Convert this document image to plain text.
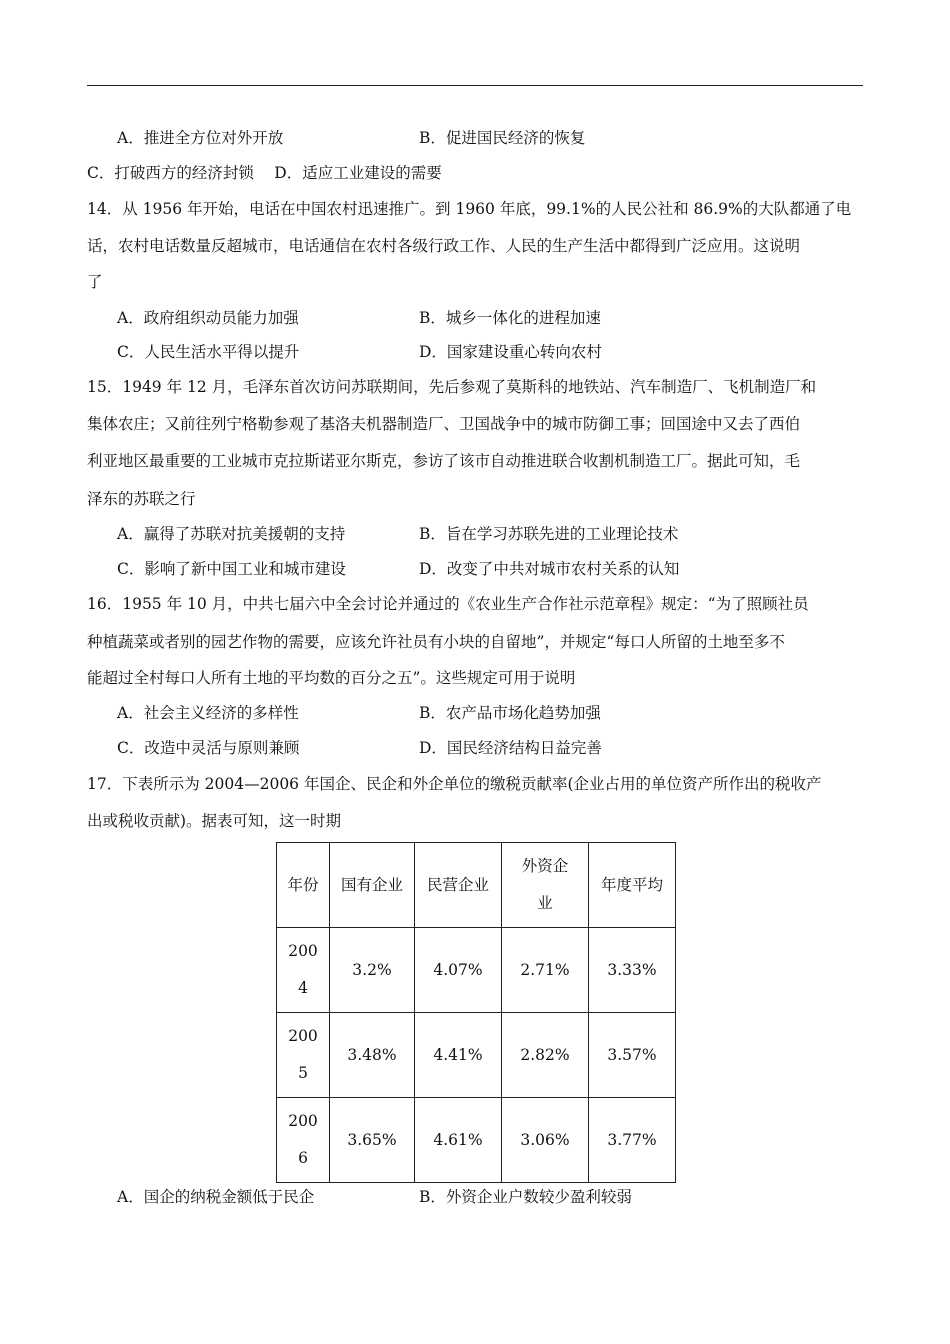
A．推进全方位对外开放	B．促进国民经济的恢复
C．打破西方的经济封锁　 D．适应工业建设的需要
14．从 1956 年开始，电话在中国农村迅速推广。到 1960 年底，99.1%的人民公社和 86.9%的大队都通了电
话，农村电话数量反超城市，电话通信在农村各级行政工作、人民的生产生活中都得到广泛应用。这说明
了
A．政府组织动员能力加强	B．城乡一体化的进程加速
C．人民生活水平得以提升	D．国家建设重心转向农村
15．1949 年 12 月，毛泽东首次访问苏联期间，先后参观了莫斯科的地铁站、汽车制造厂、飞机制造厂和
集体农庄；又前往列宁格勒参观了基洛夫机器制造厂、卫国战争中的城市防御工事；回国途中又去了西伯
利亚地区最重要的工业城市克拉斯诺亚尔斯克，参访了该市自动推进联合收割机制造工厂。据此可知，毛
泽东的苏联之行
A．赢得了苏联对抗美援朝的支持	B．旨在学习苏联先进的工业理论技术
C．影响了新中国工业和城市建设	D．改变了中共对城市农村关系的认知
16．1955 年 10 月，中共七届六中全会讨论并通过的《农业生产合作社示范章程》规定：“为了照顾社员
种植蔬菜或者别的园艺作物的需要，应该允许社员有小块的自留地”，并规定“每口人所留的土地至多不
能超过全村每口人所有土地的平均数的百分之五”。这些规定可用于说明
A．社会主义经济的多样性	B．农产品市场化趋势加强
C．改造中灵活与原则兼顾	D．国民经济结构日益完善
17．下表所示为 2004—2006 年国企、民企和外企单位的缴税贡献率(企业占用的单位资产所作出的税收产
出或税收贡献)。据表可知，这一时期
年份	国有企业	民营企业	外资企业	年度平均
2004	3.2%	4.07%	2.71%	3.33%
2005	3.48%	4.41%	2.82%	3.57%
2006	3.65%	4.61%	3.06%	3.77%
A．国企的纳税金额低于民企	B．外资企业户数较少盈利较弱
